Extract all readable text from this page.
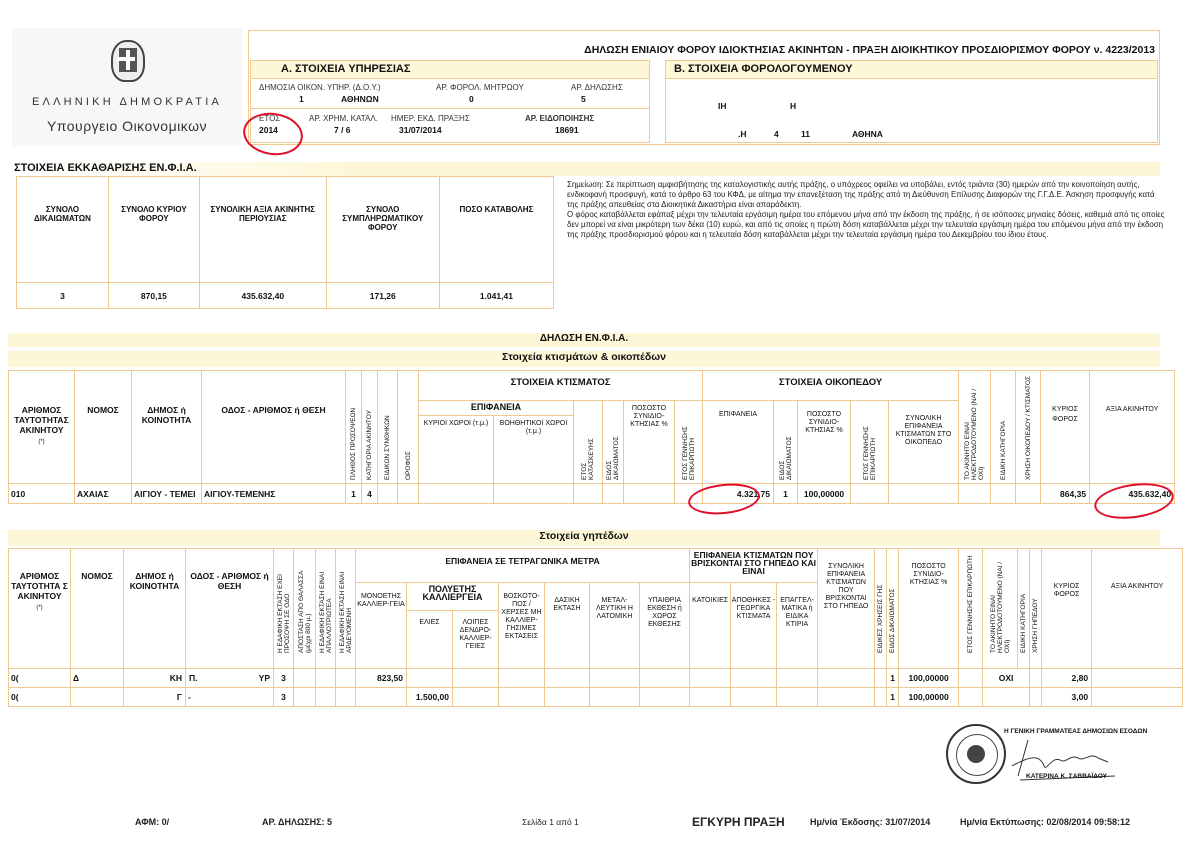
ΕΛΛΗΝΙΚΗ ΔΗΜΟΚΡΑΤΙΑ
Υπουργειο Οικονομικων
ΔΗΛΩΣΗ ΕΝΙΑΙΟΥ ΦΟΡΟΥ ΙΔΙΟΚΤΗΣΙΑΣ ΑΚΙΝΗΤΩΝ - ΠΡΑΞΗ ΔΙΟΙΚΗΤΙΚΟΥ ΠΡΟΣΔΙΟΡΙΣΜΟΥ ΦΟΡΟΥ ν. 4223/2013
Α. ΣΤΟΙΧΕΙΑ ΥΠΗΡΕΣΙΑΣ
ΔΗΜΟΣΙΑ ΟΙΚΟΝ. ΥΠΗΡ. (Δ.Ο.Υ.)
1	ΑΘΗΝΩΝ
ΑΡ. ΦΟΡΟΛ. ΜΗΤΡΩΟΥ
0
ΑΡ. ΔΗΛΩΣΗΣ
5
ΕΤΟΣ
2014
ΑΡ. ΧΡΗΜ. ΚΑΤΑΛ.
7 / 6
ΗΜΕΡ. ΕΚΔ. ΠΡΑΞΗΣ
31/07/2014
ΑΡ. ΕΙΔΟΠΟΙΗΣΗΣ
18691
Β. ΣΤΟΙΧΕΙΑ ΦΟΡΟΛΟΓΟΥΜΕΝΟΥ
ΙΗ	Η
.Η	4	11	ΑΘΗΝΑ
ΣΤΟΙΧΕΙΑ ΕΚΚΑΘΑΡΙΣΗΣ ΕΝ.Φ.Ι.Α.
ΣΥΝΟΛΟ ΔΙΚΑΙΩΜΑΤΩΝ	ΣΥΝΟΛΟ ΚΥΡΙΟΥ ΦΟΡΟΥ	ΣΥΝΟΛΙΚΗ ΑΞΙΑ ΑΚΙΝΗΤΗΣ ΠΕΡΙΟΥΣΙΑΣ	ΣΥΝΟΛΟ ΣΥΜΠΛΗΡΩΜΑΤΙΚΟΥ ΦΟΡΟΥ	ΠΟΣΟ ΚΑΤΑΒΟΛΗΣ
3	870,15	435.632,40	171,26	1.041,41
Σημείωση: Σε περίπτωση αμφισβήτησης της καταλογιστικής αυτής πράξης, ο υπόχρεος οφείλει να υποβάλει, εντός τριάντα (30) ημερών από την κοινοποίηση αυτής, ενδικοφανή προσφυγή, κατά το άρθρο 63 του ΚΦΔ, με αίτημα την επανεξέταση της πράξης από τη Διεύθυνση Επίλυσης Διαφορών της Γ.Γ.Δ.Ε. Άσκηση προσφυγής κατά της πράξης απευθείας στα Διοικητικά Δικαστήρια είναι απαράδεκτη.
Ο φόρος καταβάλλεται εφάπαξ μέχρι την τελευταία εργάσιμη ημέρα του επόμενου μήνα από την έκδοση της πράξης, ή σε ισόποσες μηνιαίες δόσεις, καθεμιά από τις οποίες δεν μπορεί να είναι μικρότερη των δέκα (10) ευρώ, και από τις οποίες η πρώτη δόση καταβάλλεται μέχρι την τελευταία εργάσιμη ημέρα του επόμενου μήνα από την έκδοση της πράξης προσδιορισμού φόρου και η τελευταία δόση καταβάλλεται μέχρι την τελευταία εργάσιμη ημέρα του Δεκεμβρίου του ίδιου έτους.
ΔΗΛΩΣΗ ΕΝ.Φ.Ι.Α.
Στοιχεία κτισμάτων & οικοπέδων
ΑΡΙΘΜΟΣ ΤΑΥΤΟΤΗΤΑΣ ΑΚΙΝΗΤΟΥ
(*)	ΝΟΜΟΣ	ΔΗΜΟΣ ή ΚΟΙΝΟΤΗΤΑ	ΟΔΟΣ - ΑΡΙΘΜΟΣ ή ΘΕΣΗ	ΠΛΗΘΟΣ ΠΡΟΣΟΨΕΩΝ	ΚΑΤΗΓΟΡΙΑ ΑΚΙΝΗΤΟΥ	ΕΙΔΙΚΩΝ ΣΥΝΘΗΚΩΝ	ΟΡΟΦΟΣ	ΣΤΟΙΧΕΙΑ ΚΤΙΣΜΑΤΟΣ						ΣΤΟΙΧΕΙΑ ΟΙΚΟΠΕΔΟΥ					ΤΟ ΑΚΙΝΗΤΟ ΕΙΝΑΙ ΗΛΕΚΤΡΟΔΟΤΟΥΜΕΝΟ (ΝΑΙ / ΟΧΙ)	ΕΙΔΙΚΗ ΚΑΤΗΓΟΡΙΑ	ΧΡΗΣΗ ΟΙΚΟΠΕΔΟΥ / ΚΤΙΣΜΑΤΟΣ	ΚΥΡΙΟΣ ΦΟΡΟΣ	ΑΞΙΑ ΑΚΙΝΗΤΟΥ
								ΕΠΙΦΑΝΕΙΑ		ΕΤΟΣ ΚΑΤΑΣΚΕΥΗΣ	ΕΙΔΟΣ ΔΙΚΑΙΩΜΑΤΟΣ	ΠΟΣΟΣΤΟ ΣΥΝΙΔΙΟ-ΚΤΗΣΙΑΣ %	ΕΤΟΣ ΓΕΝΝΗΣΗΣ ΕΠΙΚΑΡΠΩΤΗ	ΕΠΙΦΑΝΕΙΑ	ΕΙΔΟΣ ΔΙΚΑΙΩΜΑΤΟΣ	ΠΟΣΟΣΤΟ ΣΥΝΙΔΙΟ-ΚΤΗΣΙΑΣ %	ΕΤΟΣ ΓΕΝΝΗΣΗΣ ΕΠΙΚΑΡΠΩΤΗ	ΣΥΝΟΛΙΚΗ ΕΠΙΦΑΝΕΙΑ ΚΤΙΣΜΑΤΩΝ ΣΤΟ ΟΙΚΟΠΕΔΟ					
								ΚΥΡΙΟΙ ΧΩΡΟΙ (τ.μ.)	ΒΟΗΘΗΤΙΚΟΙ ΧΩΡΟΙ (τ.μ.)														
010	ΑΧΑΙΑΣ	ΑΙΓΙΟΥ - ΤΕΜΕΙ	ΑΙΓΙΟΥ-ΤΕΜΕΝΗΣ	1	4									4.321,75	1	100,00000						864,35	435.632,40
Στοιχεία γηπέδων
ΑΡΙΘΜΟΣ ΤΑΥΤΟΤΗΤΑ Σ ΑΚΙΝΗΤΟΥ
(*)	ΝΟΜΟΣ	ΔΗΜΟΣ ή ΚΟΙΝΟΤΗΤΑ	ΟΔΟΣ - ΑΡΙΘΜΟΣ ή ΘΕΣΗ	Η ΕΔΑΦΙΚΗ ΕΚΤΑΣΗ ΕΧΕΙ ΠΡΟΣΟΨΗ ΣΕ ΟΔΟ	ΑΠΟΣΤΑΣΗ ΑΠΟ ΘΑΛΑΣΣΑ (μέχρι 800 μ.)	Η ΕΔΑΦΙΚΗ ΕΚΤΑΣΗ ΕΙΝΑΙ ΑΠΑΛΛΟΤΡΙΩΤΕΑ	Η ΕΔΑΦΙΚΗ ΕΚΤΑΣΗ ΕΙΝΑΙ ΑΡΔΕΥΟΜΕΝΗ	ΕΠΙΦΑΝΕΙΑ ΣΕ ΤΕΤΡΑΓΩΝΙΚΑ ΜΕΤΡΑ							ΕΠΙΦΑΝΕΙΑ ΚΤΙΣΜΑΤΩΝ ΠΟΥ ΒΡΙΣΚΟΝΤΑΙ ΣΤΟ ΓΗΠΕΔΟ ΚΑΙ ΕΙΝΑΙ			ΣΥΝΟΛΙΚΗ ΕΠΙΦΑΝΕΙΑ ΚΤΙΣΜΑΤΩΝ ΠΟΥ ΒΡΙΣΚΟΝΤΑΙ ΣΤΟ ΓΗΠΕΔΟ	ΕΙΔΙΚΕΣ ΧΡΗΣΕΙΣ ΓΗΣ	ΕΙΔΟΣ ΔΙΚΑΙΩΜΑΤΟΣ	ΠΟΣΟΣΤΟ ΣΥΝΙΔΙΟ-ΚΤΗΣΙΑΣ %	ΕΤΟΣ ΓΕΝΝΗΣΗΣ ΕΠΙΚΑΡΠΩΤΗ	ΤΟ ΑΚΙΝΗΤΟ ΕΙΝΑΙ ΗΛΕΚΤΡΟΔΟΤΟΥΜΕΝΟ (ΝΑΙ / ΟΧΙ)	ΕΙΔΙΚΗ ΚΑΤΗΓΟΡΙΑ	ΧΡΗΣΗ ΓΗΠΕΔΟΥ	ΚΥΡΙΟΣ ΦΟΡΟΣ	ΑΞΙΑ ΑΚΙΝΗΤΟΥ
								ΜΟΝΟΕΤΗΣ ΚΑΛΛΙΕΡ-ΓΕΙΑ	ΠΟΛΥΕΤΗΣ ΚΑΛΛΙΕΡΓΕΙΑ		ΒΟΣΚΟΤΟ-ΠΟΣ / ΧΕΡΣΕΣ ΜΗ ΚΑΛΛΙΕΡ-ΓΗΣΙΜΕΣ ΕΚΤΑΣΕΙΣ	ΔΑΣΙΚΗ ΕΚΤΑΣΗ	ΜΕΤΑΛ-ΛΕΥΤΙΚΗ Η ΛΑΤΟΜΙΚΗ	ΥΠΑΙΘΡΙΑ ΕΚΘΕΣΗ ή ΧΩΡΟΣ ΕΚΘΕΣΗΣ	ΚΑΤΟΙΚΙΕΣ	ΑΠΟΘΗΚΕΣ - ΓΕΩΡΓΙΚΑ ΚΤΙΣΜΑΤΑ	ΕΠΑΓΓΕΛ-ΜΑΤΙΚΑ ή ΕΙΔΙΚΑ ΚΤΙΡΙΑ										
									ΕΛΙΕΣ	ΛΟΙΠΕΣ ΔΕΝΔΡΟ-ΚΑΛΛΙΕΡ-ΓΕΙΕΣ																	
0(	Δ	ΚΗ	Π. ΥΡ	3				823,50												1	100,00000		ΟΧΙ			2,80	
0(		Γ	-	3					1.500,00											1	100,00000					3,00	
Η ΓΕΝΙΚΗ ΓΡΑΜΜΑΤΕΑΣ ΔΗΜΟΣΙΩΝ ΕΣΟΔΩΝ
ΚΑΤΕΡΙΝΑ Κ. ΣΑΒΒΑΪΔΟΥ
ΑΦΜ: 0/	ΑΡ. ΔΗΛΩΣΗΣ: 5	Σελίδα 1 από 1	ΕΓΚΥΡΗ ΠΡΑΞΗ	Ημ/νία Έκδοσης: 31/07/2014	Ημ/νία Εκτύπωσης: 02/08/2014 09:58:12
